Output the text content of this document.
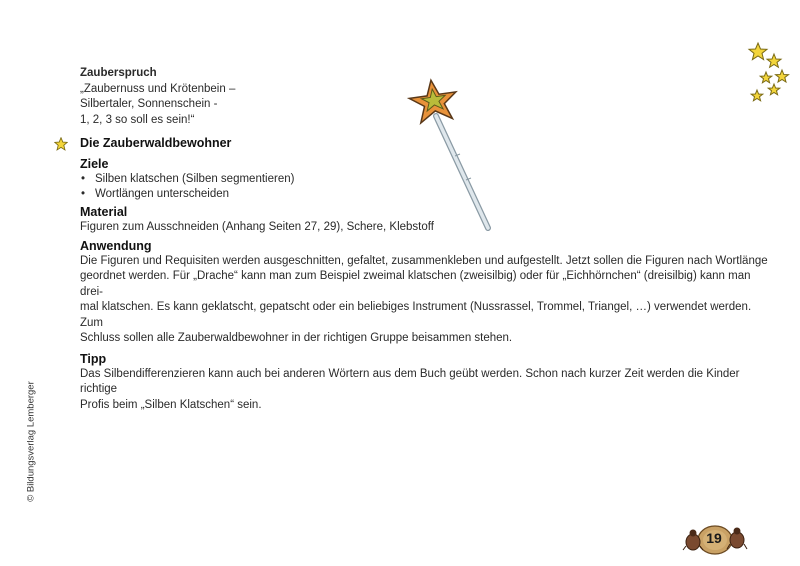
Zauberspruch
„Zaubernuss und Krötenbein –
Silbertaler, Sonnenschein -
1, 2, 3 so soll es sein!“
Die Zauberwaldbewohner
Ziele
• Silben klatschen (Silben segmentieren)
• Wortlängen unterscheiden
Material
Figuren zum Ausschneiden (Anhang Seiten 27, 29), Schere, Klebstoff
Anwendung
Die Figuren und Requisiten werden ausgeschnitten, gefaltet, zusammenkleben und aufgestellt. Jetzt sollen die Figuren nach Wortlänge
geordnet werden. Für „Drache“ kann man zum Beispiel zweimal klatschen (zweisilbig) oder für „Eichhörnchen“ (dreisilbig) kann man drei-
mal klatschen. Es kann geklatscht, gepatscht oder ein beliebiges Instrument (Nussrassel, Trommel, Triangel, …) verwendet werden. Zum
Schluss sollen alle Zauberwaldbewohner in der richtigen Gruppe beisammen stehen.
Tipp
Das Silbendifferenzieren kann auch bei anderen Wörtern aus dem Buch geübt werden. Schon nach kurzer Zeit werden die Kinder richtige
Profis beim „Silben Klatschen“ sein.
© Bildungsverlag Lemberger
19
